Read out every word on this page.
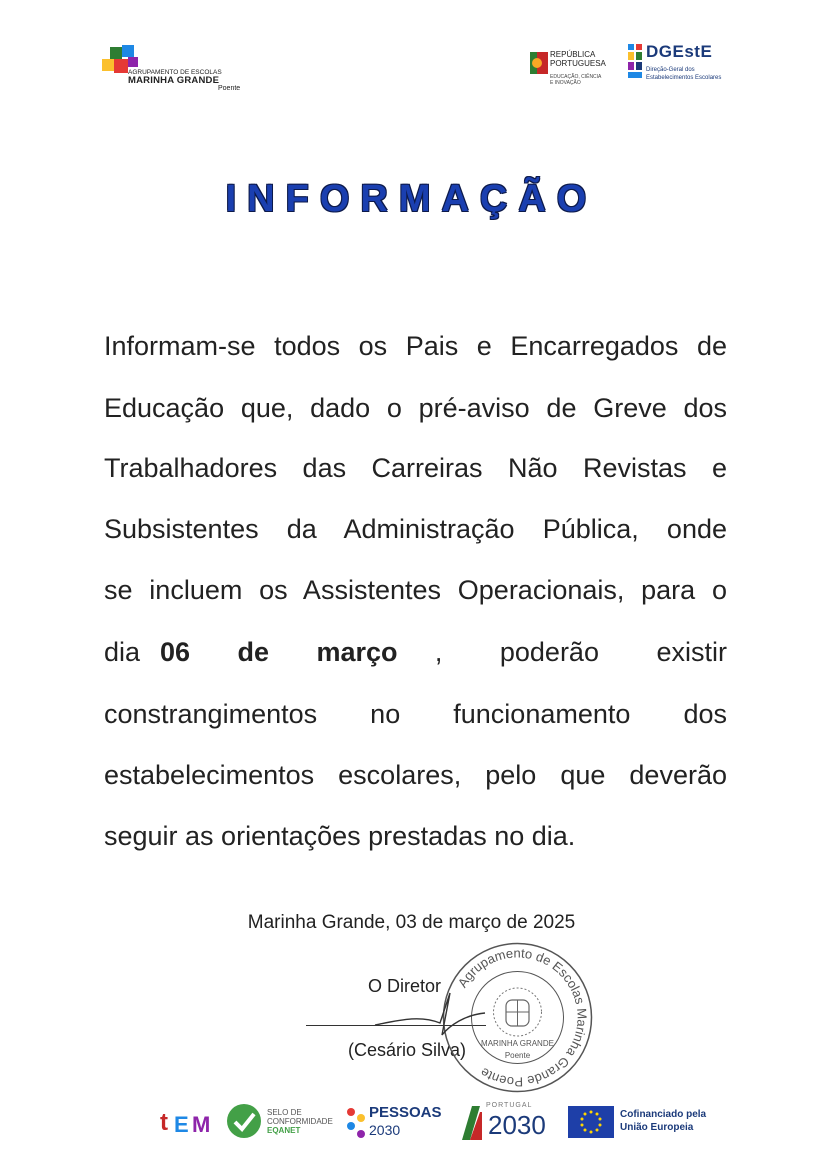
AGRUPAMENTO DE ESCOLAS
MARINHA GRANDE
Poente
REPÚBLICA
PORTUGUESA
EDUCAÇÃO, CIÊNCIA
E INOVAÇÃO
DGEstE
Direção-Geral dos
Estabelecimentos Escolares
INFORMAÇÃO
Informam-se todos os Pais e Encarregados de
Educação que, dado o pré-aviso de Greve dos
Trabalhadores das Carreiras Não Revistas e
Subsistentes da Administração Pública, onde
se incluem os Assistentes Operacionais, para o
dia 06 de março , poderão existir
constrangimentos no funcionamento dos
estabelecimentos escolares, pelo que deverão
seguir as orientações prestadas no dia.
Marinha Grande, 03 de março de 2025
O Diretor
(Cesário Silva)
Agrupamento de Escolas Marinha Grande Poente
MARINHA GRANDE
Poente
t E M	SELO DE
CONFORMIDADE
EQANET
PESSOAS
2030
PORTUGAL
2030	Cofinanciado pela
União Europeia
